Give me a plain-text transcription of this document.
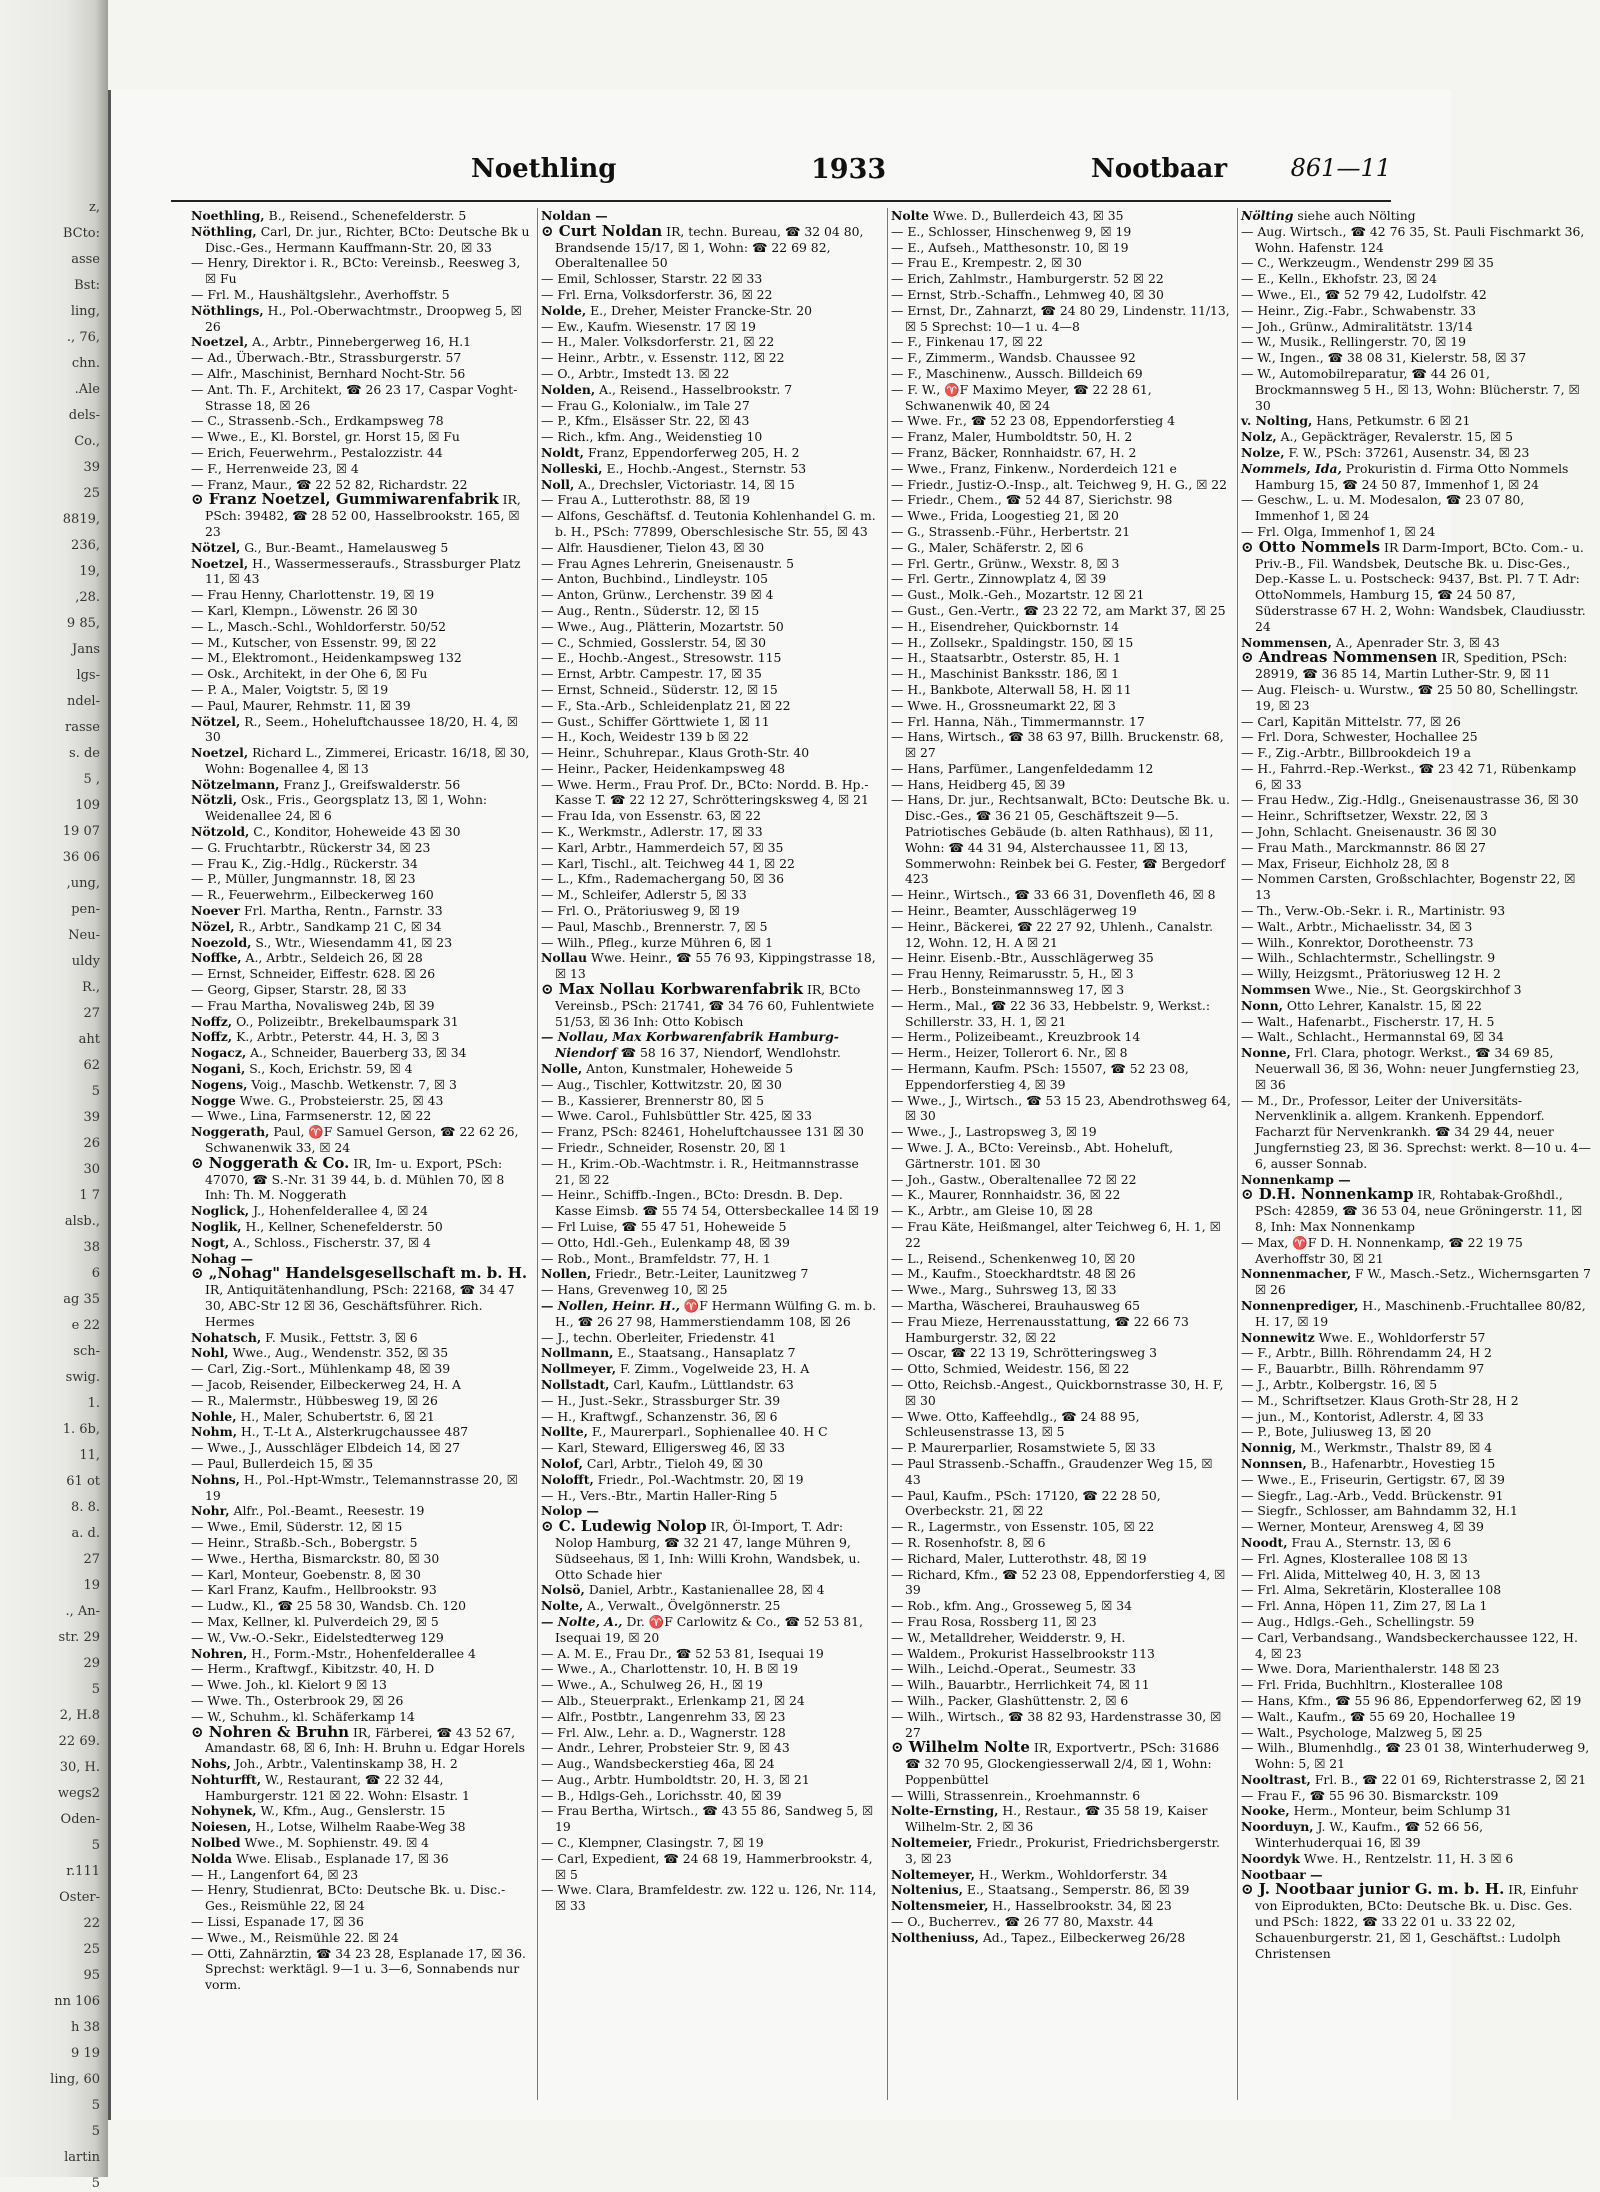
z,
BCto:
asse
Bst:
ling,
., 76,
chn.
.Ale
dels-
Co.,
39
25
8819,
236,
19,
,28.
9 85,
Jans
lgs-
ndel-
rasse
s. de
5 ,
109
19 07
36 06
,ung,
pen-
Neu-
uldy
R.,
27
aht
62
5
39
26
30
1 7
alsb.,
38
6
ag 35
e 22
sch-
swig.
1.
1. 6b,
11,
61 ot
8. 8.
a. d.
27
19
., An-
str. 29
29
5
2, H.8
22 69.
30, H.
wegs2
Oden-
5
r.111
Oster-
22
25
95
nn 106
h 38
9 19
ling, 60
5
5
lartin
5
Noethling	1933	Nootbaar	861—11

Noethling, B., Reisend., Schenefelderstr. 5

Nöthling, Carl, Dr. jur., Richter, BCto: Deutsche Bk u Disc.-Ges., Hermann Kauffmann-Str. 20, ☒ 33

— Henry, Direktor i. R., BCto: Vereinsb., Reesweg 3, ☒ Fu

— Frl. M., Haushältgslehr., Averhoffstr. 5

Nöthlings, H., Pol.-Oberwachtmstr., Droopweg 5, ☒ 26

Noetzel, A., Arbtr., Pinnebergerweg 16, H.1

— Ad., Überwach.-Btr., Strassburgerstr. 57

— Alfr., Maschinist, Bernhard Nocht-Str. 56

— Ant. Th. F., Architekt, ☎ 26 23 17, Caspar Voght-Strasse 18, ☒ 26

— C., Strassenb.-Sch., Erdkampsweg 78

— Wwe., E., Kl. Borstel, gr. Horst 15, ☒ Fu

— Erich, Feuerwehrm., Pestalozzistr. 44

— F., Herrenweide 23, ☒ 4

— Franz, Maur., ☎ 22 52 82, Richardstr. 22

⊙ Franz Noetzel, Gummiwarenfabrik IR, PSch: 39482, ☎ 28 52 00, Hasselbrookstr. 165, ☒ 23

Nötzel, G., Bur.-Beamt., Hamelausweg 5

Noetzel, H., Wassermesseraufs., Strassburger Platz 11, ☒ 43

— Frau Henny, Charlottenstr. 19, ☒ 19

— Karl, Klempn., Löwenstr. 26 ☒ 30

— L., Masch.-Schl., Wohldorferstr. 50/52

— M., Kutscher, von Essenstr. 99, ☒ 22

— M., Elektromont., Heidenkampsweg 132

— Osk., Architekt, in der Ohe 6, ☒ Fu

— P. A., Maler, Voigtstr. 5, ☒ 19

— Paul, Maurer, Rehmstr. 11, ☒ 39

Nötzel, R., Seem., Hoheluftchaussee 18/20, H. 4, ☒ 30

Noetzel, Richard L., Zimmerei, Ericastr. 16/18, ☒ 30, Wohn: Bogenallee 4, ☒ 13

Nötzelmann, Franz J., Greifswalderstr. 56

Nötzli, Osk., Fris., Georgsplatz 13, ☒ 1, Wohn: Weidenallee 24, ☒ 6

Nötzold, C., Konditor, Hoheweide 43 ☒ 30

— G. Fruchtarbtr., Rückerstr 34, ☒ 23

— Frau K., Zig.-Hdlg., Rückerstr. 34

— P., Müller, Jungmannstr. 18, ☒ 23

— R., Feuerwehrm., Eilbeckerweg 160

Noever Frl. Martha, Rentn., Farnstr. 33

Nözel, R., Arbtr., Sandkamp 21 C, ☒ 34

Noezold, S., Wtr., Wiesendamm 41, ☒ 23

Noffke, A., Arbtr., Seldeich 26, ☒ 28

— Ernst, Schneider, Eiffestr. 628. ☒ 26

— Georg, Gipser, Starstr. 28, ☒ 33

— Frau Martha, Novalisweg 24b, ☒ 39

Noffz, O., Polizeibtr., Brekelbaumspark 31

Noffz, K., Arbtr., Peterstr. 44, H. 3, ☒ 3

Nogacz, A., Schneider, Bauerberg 33, ☒ 34

Nogani, S., Koch, Erichstr. 59, ☒ 4

Nogens, Voig., Maschb. Wetkenstr. 7, ☒ 3

Nogge Wwe. G., Probsteierstr. 25, ☒ 43

— Wwe., Lina, Farmsenerstr. 12, ☒ 22

Noggerath, Paul, ♈F Samuel Gerson, ☎ 22 62 26, Schwanenwik 33, ☒ 24

⊙ Noggerath & Co. IR, Im- u. Export, PSch: 47070, ☎ S.-Nr. 31 39 44, b. d. Mühlen 70, ☒ 8 Inh: Th. M. Noggerath

Noglick, J., Hohenfelderallee 4, ☒ 24

Noglik, H., Kellner, Schenefelderstr. 50

Nogt, A., Schloss., Fischerstr. 37, ☒ 4

Nohag —

⊙ „Nohag" Handelsgesellschaft m. b. H. IR, Antiquitätenhandlung, PSch: 22168, ☎ 34 47 30, ABC-Str 12 ☒ 36, Geschäftsführer. Rich. Hermes

Nohatsch, F. Musik., Fettstr. 3, ☒ 6

Nohl, Wwe., Aug., Wendenstr. 352, ☒ 35

— Carl, Zig.-Sort., Mühlenkamp 48, ☒ 39

— Jacob, Reisender, Eilbeckerweg 24, H. A

— R., Malermstr., Hübbesweg 19, ☒ 26

Nohle, H., Maler, Schubertstr. 6, ☒ 21

Nohm, H., T.-Lt A., Alsterkrugchaussee 487

— Wwe., J., Ausschläger Elbdeich 14, ☒ 27

— Paul, Bullerdeich 15, ☒ 35

Nohns, H., Pol.-Hpt-Wmstr., Telemannstrasse 20, ☒ 19

Nohr, Alfr., Pol.-Beamt., Reesestr. 19

— Wwe., Emil, Süderstr. 12, ☒ 15

— Heinr., Straßb.-Sch., Bobergstr. 5

— Wwe., Hertha, Bismarckstr. 80, ☒ 30

— Karl, Monteur, Goebenstr. 8, ☒ 30

— Karl Franz, Kaufm., Hellbrookstr. 93

— Ludw., Kl., ☎ 25 58 30, Wandsb. Ch. 120

— Max, Kellner, kl. Pulverdeich 29, ☒ 5

— W., Vw.-O.-Sekr., Eidelstedterweg 129

Nohren, H., Form.-Mstr., Hohenfelderallee 4

— Herm., Kraftwgf., Kibitzstr. 40, H. D

— Wwe. Joh., kl. Kielort 9 ☒ 13

— Wwe. Th., Osterbrook 29, ☒ 26

— W., Schuhm., kl. Schäferkamp 14

⊙ Nohren & Bruhn IR, Färberei, ☎ 43 52 67, Amandastr. 68, ☒ 6, Inh: H. Bruhn u. Edgar Horels

Nohs, Joh., Arbtr., Valentinskamp 38, H. 2

Nohturfft, W., Restaurant, ☎ 22 32 44, Hamburgerstr. 121 ☒ 22. Wohn: Elsastr. 1

Nohynek, W., Kfm., Aug., Genslerstr. 15

Noiesen, H., Lotse, Wilhelm Raabe-Weg 38

Nolbed Wwe., M. Sophienstr. 49. ☒ 4

Nolda Wwe. Elisab., Esplanade 17, ☒ 36

— H., Langenfort 64, ☒ 23

— Henry, Studienrat, BCto: Deutsche Bk. u. Disc.-Ges., Reismühle 22, ☒ 24

— Lissi, Espanade 17, ☒ 36

— Wwe., M., Reismühle 22. ☒ 24

— Otti, Zahnärztin, ☎ 34 23 28, Esplanade 17, ☒ 36. Sprechst: werktägl. 9—1 u. 3—6, Sonnabends nur vorm.

Noldan —

⊙ Curt Noldan IR, techn. Bureau, ☎ 32 04 80, Brandsende 15/17, ☒ 1, Wohn: ☎ 22 69 82, Oberaltenallee 50

— Emil, Schlosser, Starstr. 22 ☒ 33

— Frl. Erna, Volksdorferstr. 36, ☒ 22

Nolde, E., Dreher, Meister Francke-Str. 20

— Ew., Kaufm. Wiesenstr. 17 ☒ 19

— H., Maler. Volksdorferstr. 21, ☒ 22

— Heinr., Arbtr., v. Essenstr. 112, ☒ 22

— O., Arbtr., Imstedt 13. ☒ 22

Nolden, A., Reisend., Hasselbrookstr. 7

— Frau G., Kolonialw., im Tale 27

— P., Kfm., Elsässer Str. 22, ☒ 43

— Rich., kfm. Ang., Weidenstieg 10

Noldt, Franz, Eppendorferweg 205, H. 2

Nolleski, E., Hochb.-Angest., Sternstr. 53

Noll, A., Drechsler, Victoriastr. 14, ☒ 15

— Frau A., Lutterothstr. 88, ☒ 19

— Alfons, Geschäftsf. d. Teutonia Kohlenhandel G. m. b. H., PSch: 77899, Oberschlesische Str. 55, ☒ 43

— Alfr. Hausdiener, Tielon 43, ☒ 30

— Frau Agnes Lehrerin, Gneisenaustr. 5

— Anton, Buchbind., Lindleystr. 105

— Anton, Grünw., Lerchenstr. 39 ☒ 4

— Aug., Rentn., Süderstr. 12, ☒ 15

— Wwe., Aug., Plätterin, Mozartstr. 50

— C., Schmied, Gosslerstr. 54, ☒ 30

— E., Hochb.-Angest., Stresowstr. 115

— Ernst, Arbtr. Campestr. 17, ☒ 35

— Ernst, Schneid., Süderstr. 12, ☒ 15

— F., Sta.-Arb., Schleidenplatz 21, ☒ 22

— Gust., Schiffer Görttwiete 1, ☒ 11

— H., Koch, Weidestr 139 b ☒ 22

— Heinr., Schuhrepar., Klaus Groth-Str. 40

— Heinr., Packer, Heidenkampsweg 48

— Wwe. Herm., Frau Prof. Dr., BCto: Nordd. B. Hp.-Kasse T. ☎ 22 12 27, Schrötteringsksweg 4, ☒ 21

— Frau Ida, von Essenstr. 63, ☒ 22

— K., Werkmstr., Adlerstr. 17, ☒ 33

— Karl, Arbtr., Hammerdeich 57, ☒ 35

— Karl, Tischl., alt. Teichweg 44 1, ☒ 22

— L., Kfm., Rademachergang 50, ☒ 36

— M., Schleifer, Adlerstr 5, ☒ 33

— Frl. O., Prätoriusweg 9, ☒ 19

— Paul, Maschb., Brennerstr. 7, ☒ 5

— Wilh., Pfleg., kurze Mühren 6, ☒ 1

Nollau Wwe. Heinr., ☎ 55 76 93, Kippingstrasse 18, ☒ 13

⊙ Max Nollau Korbwarenfabrik IR, BCto Vereinsb., PSch: 21741, ☎ 34 76 60, Fuhlentwiete 51/53, ☒ 36 Inh: Otto Kobisch

— Nollau, Max Korbwarenfabrik Hamburg-Niendorf ☎ 58 16 37, Niendorf, Wendlohstr.

Nolle, Anton, Kunstmaler, Hoheweide 5

— Aug., Tischler, Kottwitzstr. 20, ☒ 30

— B., Kassierer, Brennerstr 80, ☒ 5

— Wwe. Carol., Fuhlsbüttler Str. 425, ☒ 33

— Franz, PSch: 82461, Hoheluftchaussee 131 ☒ 30

— Friedr., Schneider, Rosenstr. 20, ☒ 1

— H., Krim.-Ob.-Wachtmstr. i. R., Heitmannstrasse 21, ☒ 22

— Heinr., Schiffb.-Ingen., BCto: Dresdn. B. Dep. Kasse Eimsb. ☎ 55 74 54, Ottersbeckallee 14 ☒ 19

— Frl Luise, ☎ 55 47 51, Hoheweide 5

— Otto, Hdl.-Geh., Eulenkamp 48, ☒ 39

— Rob., Mont., Bramfeldstr. 77, H. 1

Nollen, Friedr., Betr.-Leiter, Launitzweg 7

— Hans, Grevenweg 10, ☒ 25

— Nollen, Heinr. H., ♈F Hermann Wülfing G. m. b. H., ☎ 26 27 98, Hammerstiendamm 108, ☒ 26

— J., techn. Oberleiter, Friedenstr. 41

Nollmann, E., Staatsang., Hansaplatz 7

Nollmeyer, F. Zimm., Vogelweide 23, H. A

Nollstadt, Carl, Kaufm., Lüttlandstr. 63

— H., Just.-Sekr., Strassburger Str. 39

— H., Kraftwgf., Schanzenstr. 36, ☒ 6

Nollte, F., Maurerparl., Sophienallee 40. H C

— Karl, Steward, Elligersweg 46, ☒ 33

Nolof, Carl, Arbtr., Tieloh 49, ☒ 30

Nolofft, Friedr., Pol.-Wachtmstr. 20, ☒ 19

— H., Vers.-Btr., Martin Haller-Ring 5

Nolop —

⊙ C. Ludewig Nolop IR, Öl-Import, T. Adr: Nolop Hamburg, ☎ 32 21 47, lange Mühren 9, Südseehaus, ☒ 1, Inh: Willi Krohn, Wandsbek, u. Otto Schade hier

Nolsö, Daniel, Arbtr., Kastanienallee 28, ☒ 4

Nolte, A., Verwalt., Övelgönnerstr. 25

— Nolte, A., Dr. ♈F Carlowitz & Co., ☎ 52 53 81, Isequai 19, ☒ 20

— A. M. E., Frau Dr., ☎ 52 53 81, Isequai 19

— Wwe., A., Charlottenstr. 10, H. B ☒ 19

— Wwe., A., Schulweg 26, H., ☒ 19

— Alb., Steuerprakt., Erlenkamp 21, ☒ 24

— Alfr., Postbtr., Langenrehm 33, ☒ 23

— Frl. Alw., Lehr. a. D., Wagnerstr. 128

— Andr., Lehrer, Probsteier Str. 9, ☒ 43

— Aug., Wandsbeckerstieg 46a, ☒ 24

— Aug., Arbtr. Humboldtstr. 20, H. 3, ☒ 21

— B., Hdlgs-Geh., Lorichsstr. 40, ☒ 39

— Frau Bertha, Wirtsch., ☎ 43 55 86, Sandweg 5, ☒ 19

— C., Klempner, Clasingstr. 7, ☒ 19

— Carl, Expedient, ☎ 24 68 19, Hammerbrookstr. 4, ☒ 5

— Wwe. Clara, Bramfeldestr. zw. 122 u. 126, Nr. 114, ☒ 33

Nolte Wwe. D., Bullerdeich 43, ☒ 35

— E., Schlosser, Hinschenweg 9, ☒ 19

— E., Aufseh., Matthesonstr. 10, ☒ 19

— Frau E., Krempestr. 2, ☒ 30

— Erich, Zahlmstr., Hamburgerstr. 52 ☒ 22

— Ernst, Strb.-Schaffn., Lehmweg 40, ☒ 30

— Ernst, Dr., Zahnarzt, ☎ 24 80 29, Lindenstr. 11/13, ☒ 5 Sprechst: 10—1 u. 4—8

— F., Finkenau 17, ☒ 22

— F., Zimmerm., Wandsb. Chaussee 92

— F., Maschinenw., Aussch. Billdeich 69

— F. W., ♈F Maximo Meyer, ☎ 22 28 61, Schwanenwik 40, ☒ 24

— Wwe. Fr., ☎ 52 23 08, Eppendorferstieg 4

— Franz, Maler, Humboldtstr. 50, H. 2

— Franz, Bäcker, Ronnhaidstr. 67, H. 2

— Wwe., Franz, Finkenw., Norderdeich 121 e

— Friedr., Justiz-O.-Insp., alt. Teichweg 9, H. G., ☒ 22

— Friedr., Chem., ☎ 52 44 87, Sierichstr. 98

— Wwe., Frida, Loogestieg 21, ☒ 20

— G., Strassenb.-Führ., Herbertstr. 21

— G., Maler, Schäferstr. 2, ☒ 6

— Frl. Gertr., Grünw., Wexstr. 8, ☒ 3

— Frl. Gertr., Zinnowplatz 4, ☒ 39

— Gust., Molk.-Geh., Mozartstr. 12 ☒ 21

— Gust., Gen.-Vertr., ☎ 23 22 72, am Markt 37, ☒ 25

— H., Eisendreher, Quickbornstr. 14

— H., Zollsekr., Spaldingstr. 150, ☒ 15

— H., Staatsarbtr., Osterstr. 85, H. 1

— H., Maschinist Banksstr. 186, ☒ 1

— H., Bankbote, Alterwall 58, H. ☒ 11

— Wwe. H., Grossneumarkt 22, ☒ 3

— Frl. Hanna, Näh., Timmermannstr. 17

— Hans, Wirtsch., ☎ 38 63 97, Billh. Bruckenstr. 68, ☒ 27

— Hans, Parfümer., Langenfeldedamm 12

— Hans, Heidberg 45, ☒ 39

— Hans, Dr. jur., Rechtsanwalt, BCto: Deutsche Bk. u. Disc.-Ges., ☎ 36 21 05, Geschäftszeit 9—5. Patriotisches Gebäude (b. alten Rathhaus), ☒ 11, Wohn: ☎ 44 31 94, Alsterchaussee 11, ☒ 13, Sommerwohn: Reinbek bei G. Fester, ☎ Bergedorf 423

— Heinr., Wirtsch., ☎ 33 66 31, Dovenfleth 46, ☒ 8

— Heinr., Beamter, Ausschlägerweg 19

— Heinr., Bäckerei, ☎ 22 27 92, Uhlenh., Canalstr. 12, Wohn. 12, H. A ☒ 21

— Heinr. Eisenb.-Btr., Ausschlägerweg 35

— Frau Henny, Reimarusstr. 5, H., ☒ 3

— Herb., Bonsteinmannsweg 17, ☒ 3

— Herm., Mal., ☎ 22 36 33, Hebbelstr. 9, Werkst.: Schillerstr. 33, H. 1, ☒ 21

— Herm., Polizeibeamt., Kreuzbrook 14

— Herm., Heizer, Tollerort 6. Nr., ☒ 8

— Hermann, Kaufm. PSch: 15507, ☎ 52 23 08, Eppendorferstieg 4, ☒ 39

— Wwe., J., Wirtsch., ☎ 53 15 23, Abendrothsweg 64, ☒ 30

— Wwe., J., Lastropsweg 3, ☒ 19

— Wwe. J. A., BCto: Vereinsb., Abt. Hoheluft, Gärtnerstr. 101. ☒ 30

— Joh., Gastw., Oberaltenallee 72 ☒ 22

— K., Maurer, Ronnhaidstr. 36, ☒ 22

— K., Arbtr., am Gleise 10, ☒ 28

— Frau Käte, Heißmangel, alter Teichweg 6, H. 1, ☒ 22

— L., Reisend., Schenkenweg 10, ☒ 20

— M., Kaufm., Stoeckhardtstr. 48 ☒ 26

— Wwe., Marg., Suhrsweg 13, ☒ 33

— Martha, Wäscherei, Brauhausweg 65

— Frau Mieze, Herrenausstattung, ☎ 22 66 73 Hamburgerstr. 32, ☒ 22

— Oscar, ☎ 22 13 19, Schrötteringsweg 3

— Otto, Schmied, Weidestr. 156, ☒ 22

— Otto, Reichsb.-Angest., Quickbornstrasse 30, H. F, ☒ 30

— Wwe. Otto, Kaffeehdlg., ☎ 24 88 95, Schleusenstrasse 13, ☒ 5

— P. Maurerparlier, Rosamstwiete 5, ☒ 33

— Paul Strassenb.-Schaffn., Graudenzer Weg 15, ☒ 43

— Paul, Kaufm., PSch: 17120, ☎ 22 28 50, Overbeckstr. 21, ☒ 22

— R., Lagermstr., von Essenstr. 105, ☒ 22

— R. Rosenhofstr. 8, ☒ 6

— Richard, Maler, Lutterothstr. 48, ☒ 19

— Richard, Kfm., ☎ 52 23 08, Eppendorferstieg 4, ☒ 39

— Rob., kfm. Ang., Grosseweg 5, ☒ 34

— Frau Rosa, Rossberg 11, ☒ 23

— W., Metalldreher, Weidderstr. 9, H.

— Waldem., Prokurist Hasselbrookstr 113

— Wilh., Leichd.-Operat., Seumestr. 33

— Wilh., Bauarbtr., Herrlichkeit 74, ☒ 11

— Wilh., Packer, Glashüttenstr. 2, ☒ 6

— Wilh., Wirtsch., ☎ 38 82 93, Hardenstrasse 30, ☒ 27

⊙ Wilhelm Nolte IR, Exportvertr., PSch: 31686 ☎ 32 70 95, Glockengiesserwall 2/4, ☒ 1, Wohn: Poppenbüttel

— Willi, Strassenrein., Kroehmannstr. 6

Nolte-Ernsting, H., Restaur., ☎ 35 58 19, Kaiser Wilhelm-Str. 2, ☒ 36

Noltemeier, Friedr., Prokurist, Friedrichsbergerstr. 3, ☒ 23

Noltemeyer, H., Werkm., Wohldorferstr. 34

Noltenius, E., Staatsang., Semperstr. 86, ☒ 39

Noltensmeier, H., Hasselbrookstr. 34, ☒ 23

— O., Bucherrev., ☎ 26 77 80, Maxstr. 44

Noltheniuss, Ad., Tapez., Eilbeckerweg 26/28

Nölting siehe auch Nölting

— Aug. Wirtsch., ☎ 42 76 35, St. Pauli Fischmarkt 36, Wohn. Hafenstr. 124

— C., Werkzeugm., Wendenstr 299 ☒ 35

— E., Kelln., Ekhofstr. 23, ☒ 24

— Wwe., El., ☎ 52 79 42, Ludolfstr. 42

— Heinr., Zig.-Fabr., Schwabenstr. 33

— Joh., Grünw., Admiralitätstr. 13/14

— W., Musik., Rellingerstr. 70, ☒ 19

— W., Ingen., ☎ 38 08 31, Kielerstr. 58, ☒ 37

— W., Automobilreparatur, ☎ 44 26 01, Brockmannsweg 5 H., ☒ 13, Wohn: Blücherstr. 7, ☒ 30

v. Nolting, Hans, Petkumstr. 6 ☒ 21

Nolz, A., Gepäckträger, Revalerstr. 15, ☒ 5

Nolze, F. W., PSch: 37261, Ausenstr. 34, ☒ 23

Nommels, Ida, Prokuristin d. Firma Otto Nommels Hamburg 15, ☎ 24 50 87, Immenhof 1, ☒ 24

— Geschw., L. u. M. Modesalon, ☎ 23 07 80, Immenhof 1, ☒ 24

— Frl. Olga, Immenhof 1, ☒ 24

⊙ Otto Nommels IR Darm-Import, BCto. Com.- u. Priv.-B., Fil. Wandsbek, Deutsche Bk. u. Disc-Ges., Dep.-Kasse L. u. Postscheck: 9437, Bst. Pl. 7 T. Adr: OttoNommels, Hamburg 15, ☎ 24 50 87, Süderstrasse 67 H. 2, Wohn: Wandsbek, Claudiusstr. 24

Nommensen, A., Apenrader Str. 3, ☒ 43

⊙ Andreas Nommensen IR, Spedition, PSch: 28919, ☎ 36 85 14, Martin Luther-Str. 9, ☒ 11

— Aug. Fleisch- u. Wurstw., ☎ 25 50 80, Schellingstr. 19, ☒ 23

— Carl, Kapitän Mittelstr. 77, ☒ 26

— Frl. Dora, Schwester, Hochallee 25

— F., Zig.-Arbtr., Billbrookdeich 19 a

— H., Fahrrd.-Rep.-Werkst., ☎ 23 42 71, Rübenkamp 6, ☒ 33

— Frau Hedw., Zig.-Hdlg., Gneisenaustrasse 36, ☒ 30

— Heinr., Schriftsetzer, Wexstr. 22, ☒ 3

— John, Schlacht. Gneisenaustr. 36 ☒ 30

— Frau Math., Marckmannstr. 86 ☒ 27

— Max, Friseur, Eichholz 28, ☒ 8

— Nommen Carsten, Großschlachter, Bogenstr 22, ☒ 13

— Th., Verw.-Ob.-Sekr. i. R., Martinistr. 93

— Walt., Arbtr., Michaelisstr. 34, ☒ 3

— Wilh., Konrektor, Dorotheenstr. 73

— Wilh., Schlachtermstr., Schellingstr. 9

— Willy, Heizgsmt., Prätoriusweg 12 H. 2

Nommsen Wwe., Nie., St. Georgskirchhof 3

Nonn, Otto Lehrer, Kanalstr. 15, ☒ 22

— Walt., Hafenarbt., Fischerstr. 17, H. 5

— Walt., Schlacht., Hermannstal 69, ☒ 34

Nonne, Frl. Clara, photogr. Werkst., ☎ 34 69 85, Neuerwall 36, ☒ 36, Wohn: neuer Jungfernstieg 23, ☒ 36

— M., Dr., Professor, Leiter der Universitäts-Nervenklinik a. allgem. Krankenh. Eppendorf. Facharzt für Nervenkrankh. ☎ 34 29 44, neuer Jungfernstieg 23, ☒ 36. Sprechst: werkt. 8—10 u. 4—6, ausser Sonnab.

Nonnenkamp —

⊙ D.H. Nonnenkamp IR, Rohtabak-Großhdl., PSch: 42859, ☎ 36 53 04, neue Gröningerstr. 11, ☒ 8, Inh: Max Nonnenkamp

— Max, ♈F D. H. Nonnenkamp, ☎ 22 19 75 Averhoffstr 30, ☒ 21

Nonnenmacher, F W., Masch.-Setz., Wichernsgarten 7 ☒ 26

Nonnenprediger, H., Maschinenb.-Fruchtallee 80/82, H. 17, ☒ 19

Nonnewitz Wwe. E., Wohldorferstr 57

— F., Arbtr., Billh. Röhrendamm 24, H 2

— F., Bauarbtr., Billh. Röhrendamm 97

— J., Arbtr., Kolbergstr. 16, ☒ 5

— M., Schriftsetzer. Klaus Groth-Str 28, H 2

— jun., M., Kontorist, Adlerstr. 4, ☒ 33

— P., Bote, Juliusweg 13, ☒ 20

Nonnig, M., Werkmstr., Thalstr 89, ☒ 4

Nonnsen, B., Hafenarbtr., Hovestieg 15

— Wwe., E., Friseurin, Gertigstr. 67, ☒ 39

— Siegfr., Lag.-Arb., Vedd. Brückenstr. 91

— Siegfr., Schlosser, am Bahndamm 32, H.1

— Werner, Monteur, Arensweg 4, ☒ 39

Noodt, Frau A., Sternstr. 13, ☒ 6

— Frl. Agnes, Klosterallee 108 ☒ 13

— Frl. Alida, Mittelweg 40, H. 3, ☒ 13

— Frl. Alma, Sekretärin, Klosterallee 108

— Frl. Anna, Höpen 11, Zim 27, ☒ La 1

— Aug., Hdlgs.-Geh., Schellingstr. 59

— Carl, Verbandsang., Wandsbeckerchaussee 122, H. 4, ☒ 23

— Wwe. Dora, Marienthalerstr. 148 ☒ 23

— Frl. Frida, Buchhltrn., Klosterallee 108

— Hans, Kfm., ☎ 55 96 86, Eppendorferweg 62, ☒ 19

— Walt., Kaufm., ☎ 55 69 20, Hochallee 19

— Walt., Psychologe, Malzweg 5, ☒ 25

— Wilh., Blumenhdlg., ☎ 23 01 38, Winterhuderweg 9, Wohn: 5, ☒ 21

Nooltrast, Frl. B., ☎ 22 01 69, Richterstrasse 2, ☒ 21

— Frau F., ☎ 55 96 30. Bismarckstr. 109

Nooke, Herm., Monteur, beim Schlump 31

Noorduyn, J. W., Kaufm., ☎ 52 66 56, Winterhuderquai 16, ☒ 39

Noordyk Wwe. H., Rentzelstr. 11, H. 3 ☒ 6

Nootbaar —

⊙ J. Nootbaar junior G. m. b. H. IR, Einfuhr von Eiprodukten, BCto: Deutsche Bk. u. Disc. Ges. und PSch: 1822, ☎ 33 22 01 u. 33 22 02, Schauenburgerstr. 21, ☒ 1, Geschäftst.: Ludolph Christensen
